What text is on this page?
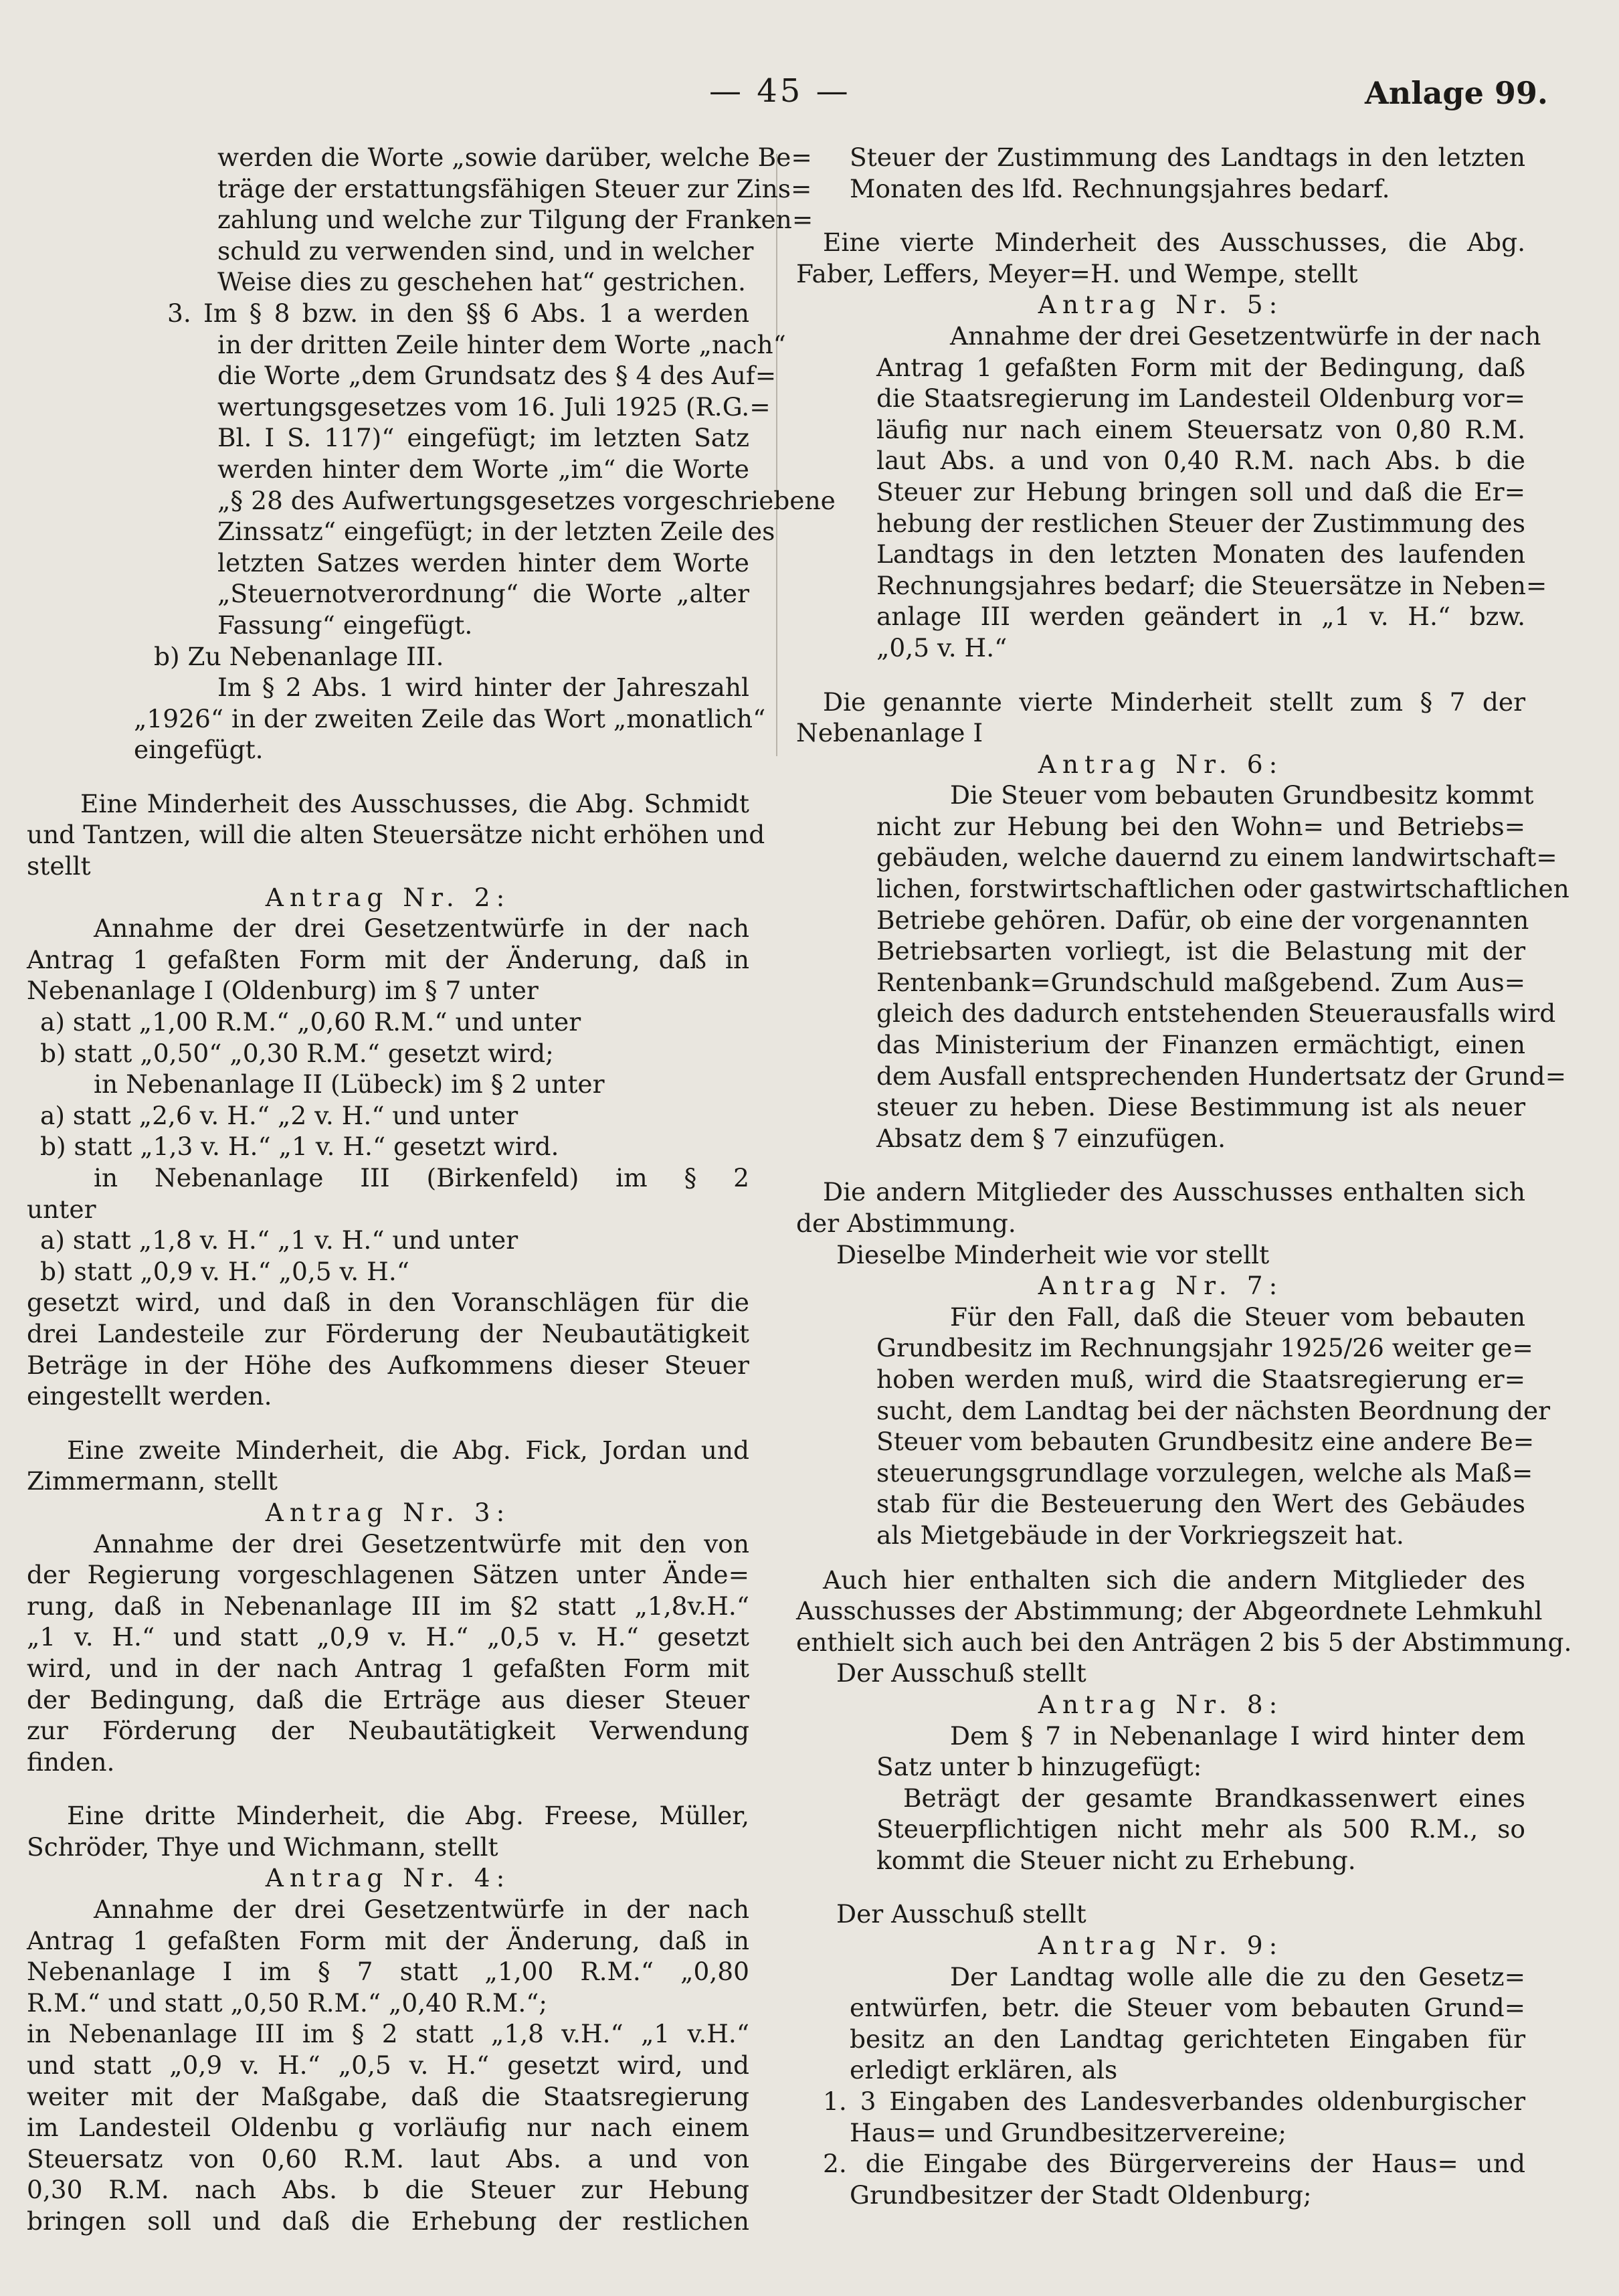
— 45 —	Anlage 99.
werden die Worte „sowie darüber, welche Be=
träge der erstattungsfähigen Steuer zur Zins=
zahlung und welche zur Tilgung der Franken=
schuld zu verwenden sind, und in welcher
Weise dies zu geschehen hat“ gestrichen.
3. Im § 8 bzw. in den §§ 6 Abs. 1 a werden
in der dritten Zeile hinter dem Worte „nach“
die Worte „dem Grundsatz des § 4 des Auf=
wertungsgesetzes vom 16. Juli 1925 (R.G.=
Bl. I S. 117)“ eingefügt; im letzten Satz
werden hinter dem Worte „im“ die Worte
„§ 28 des Aufwertungsgesetzes vorgeschriebene
Zinssatz“ eingefügt; in der letzten Zeile des
letzten Satzes werden hinter dem Worte
„Steuernotverordnung“ die Worte „alter
Fassung“ eingefügt.
b) Zu Nebenanlage III.
Im § 2 Abs. 1 wird hinter der Jahreszahl
„1926“ in der zweiten Zeile das Wort „monatlich“
eingefügt.
Eine Minderheit des Ausschusses, die Abg. Schmidt
und Tantzen, will die alten Steuersätze nicht erhöhen und
stellt
Antrag Nr. 2:
Annahme der drei Gesetzentwürfe in der nach
Antrag 1 gefaßten Form mit der Änderung, daß in
Nebenanlage I (Oldenburg) im § 7 unter
a) statt „1,00 R.M.“ „0,60 R.M.“ und unter
b) statt „0,50“ „0,30 R.M.“ gesetzt wird;
in Nebenanlage II (Lübeck) im § 2 unter
a) statt „2,6 v. H.“ „2 v. H.“ und unter
b) statt „1,3 v. H.“ „1 v. H.“ gesetzt wird.
in Nebenanlage III (Birkenfeld) im § 2
unter
a) statt „1,8 v. H.“ „1 v. H.“ und unter
b) statt „0,9 v. H.“ „0,5 v. H.“
gesetzt wird, und daß in den Voranschlägen für die
drei Landesteile zur Förderung der Neubautätigkeit
Beträge in der Höhe des Aufkommens dieser Steuer
eingestellt werden.
Eine zweite Minderheit, die Abg. Fick, Jordan und
Zimmermann, stellt
Antrag Nr. 3:
Annahme der drei Gesetzentwürfe mit den von
der Regierung vorgeschlagenen Sätzen unter Ände=
rung, daß in Nebenanlage III im §2 statt „1,8v.H.“
„1 v. H.“ und statt „0,9 v. H.“ „0,5 v. H.“ gesetzt
wird, und in der nach Antrag 1 gefaßten Form mit
der Bedingung, daß die Erträge aus dieser Steuer
zur Förderung der Neubautätigkeit Verwendung
finden.
Eine dritte Minderheit, die Abg. Freese, Müller,
Schröder, Thye und Wichmann, stellt
Antrag Nr. 4:
Annahme der drei Gesetzentwürfe in der nach
Antrag 1 gefaßten Form mit der Änderung, daß in
Nebenanlage I im § 7 statt „1,00 R.M.“ „0,80
R.M.“ und statt „0,50 R.M.“ „0,40 R.M.“;
in Nebenanlage III im § 2 statt „1,8 v.H.“ „1 v.H.“
und statt „0,9 v. H.“ „0,5 v. H.“ gesetzt wird, und
weiter mit der Maßgabe, daß die Staatsregierung
im Landesteil Oldenbu g vorläufig nur nach einem
Steuersatz von 0,60 R.M. laut Abs. a und von
0,30 R.M. nach Abs. b die Steuer zur Hebung
bringen soll und daß die Erhebung der restlichen
Steuer der Zustimmung des Landtags in den letzten
Monaten des lfd. Rechnungsjahres bedarf.
Eine vierte Minderheit des Ausschusses, die Abg.
Faber, Leffers, Meyer=H. und Wempe, stellt
Antrag Nr. 5:
Annahme der drei Gesetzentwürfe in der nach
Antrag 1 gefaßten Form mit der Bedingung, daß
die Staatsregierung im Landesteil Oldenburg vor=
läufig nur nach einem Steuersatz von 0,80 R.M.
laut Abs. a und von 0,40 R.M. nach Abs. b die
Steuer zur Hebung bringen soll und daß die Er=
hebung der restlichen Steuer der Zustimmung des
Landtags in den letzten Monaten des laufenden
Rechnungsjahres bedarf; die Steuersätze in Neben=
anlage III werden geändert in „1 v. H.“ bzw.
„0,5 v. H.“
Die genannte vierte Minderheit stellt zum § 7 der
Nebenanlage I
Antrag Nr. 6:
Die Steuer vom bebauten Grundbesitz kommt
nicht zur Hebung bei den Wohn= und Betriebs=
gebäuden, welche dauernd zu einem landwirtschaft=
lichen, forstwirtschaftlichen oder gastwirtschaftlichen
Betriebe gehören. Dafür, ob eine der vorgenannten
Betriebsarten vorliegt, ist die Belastung mit der
Rentenbank=Grundschuld maßgebend. Zum Aus=
gleich des dadurch entstehenden Steuerausfalls wird
das Ministerium der Finanzen ermächtigt, einen
dem Ausfall entsprechenden Hundertsatz der Grund=
steuer zu heben. Diese Bestimmung ist als neuer
Absatz dem § 7 einzufügen.
Die andern Mitglieder des Ausschusses enthalten sich
der Abstimmung.
Dieselbe Minderheit wie vor stellt
Antrag Nr. 7:
Für den Fall, daß die Steuer vom bebauten
Grundbesitz im Rechnungsjahr 1925/26 weiter ge=
hoben werden muß, wird die Staatsregierung er=
sucht, dem Landtag bei der nächsten Beordnung der
Steuer vom bebauten Grundbesitz eine andere Be=
steuerungsgrundlage vorzulegen, welche als Maß=
stab für die Besteuerung den Wert des Gebäudes
als Mietgebäude in der Vorkriegszeit hat.
Auch hier enthalten sich die andern Mitglieder des
Ausschusses der Abstimmung; der Abgeordnete Lehmkuhl
enthielt sich auch bei den Anträgen 2 bis 5 der Abstimmung.
Der Ausschuß stellt
Antrag Nr. 8:
Dem § 7 in Nebenanlage I wird hinter dem
Satz unter b hinzugefügt:
Beträgt der gesamte Brandkassenwert eines
Steuerpflichtigen nicht mehr als 500 R.M., so
kommt die Steuer nicht zu Erhebung.
Der Ausschuß stellt
Antrag Nr. 9:
Der Landtag wolle alle die zu den Gesetz=
entwürfen, betr. die Steuer vom bebauten Grund=
besitz an den Landtag gerichteten Eingaben für
erledigt erklären, als
1. 3 Eingaben des Landesverbandes oldenburgischer
Haus= und Grundbesitzervereine;
2. die Eingabe des Bürgervereins der Haus= und
Grundbesitzer der Stadt Oldenburg;
